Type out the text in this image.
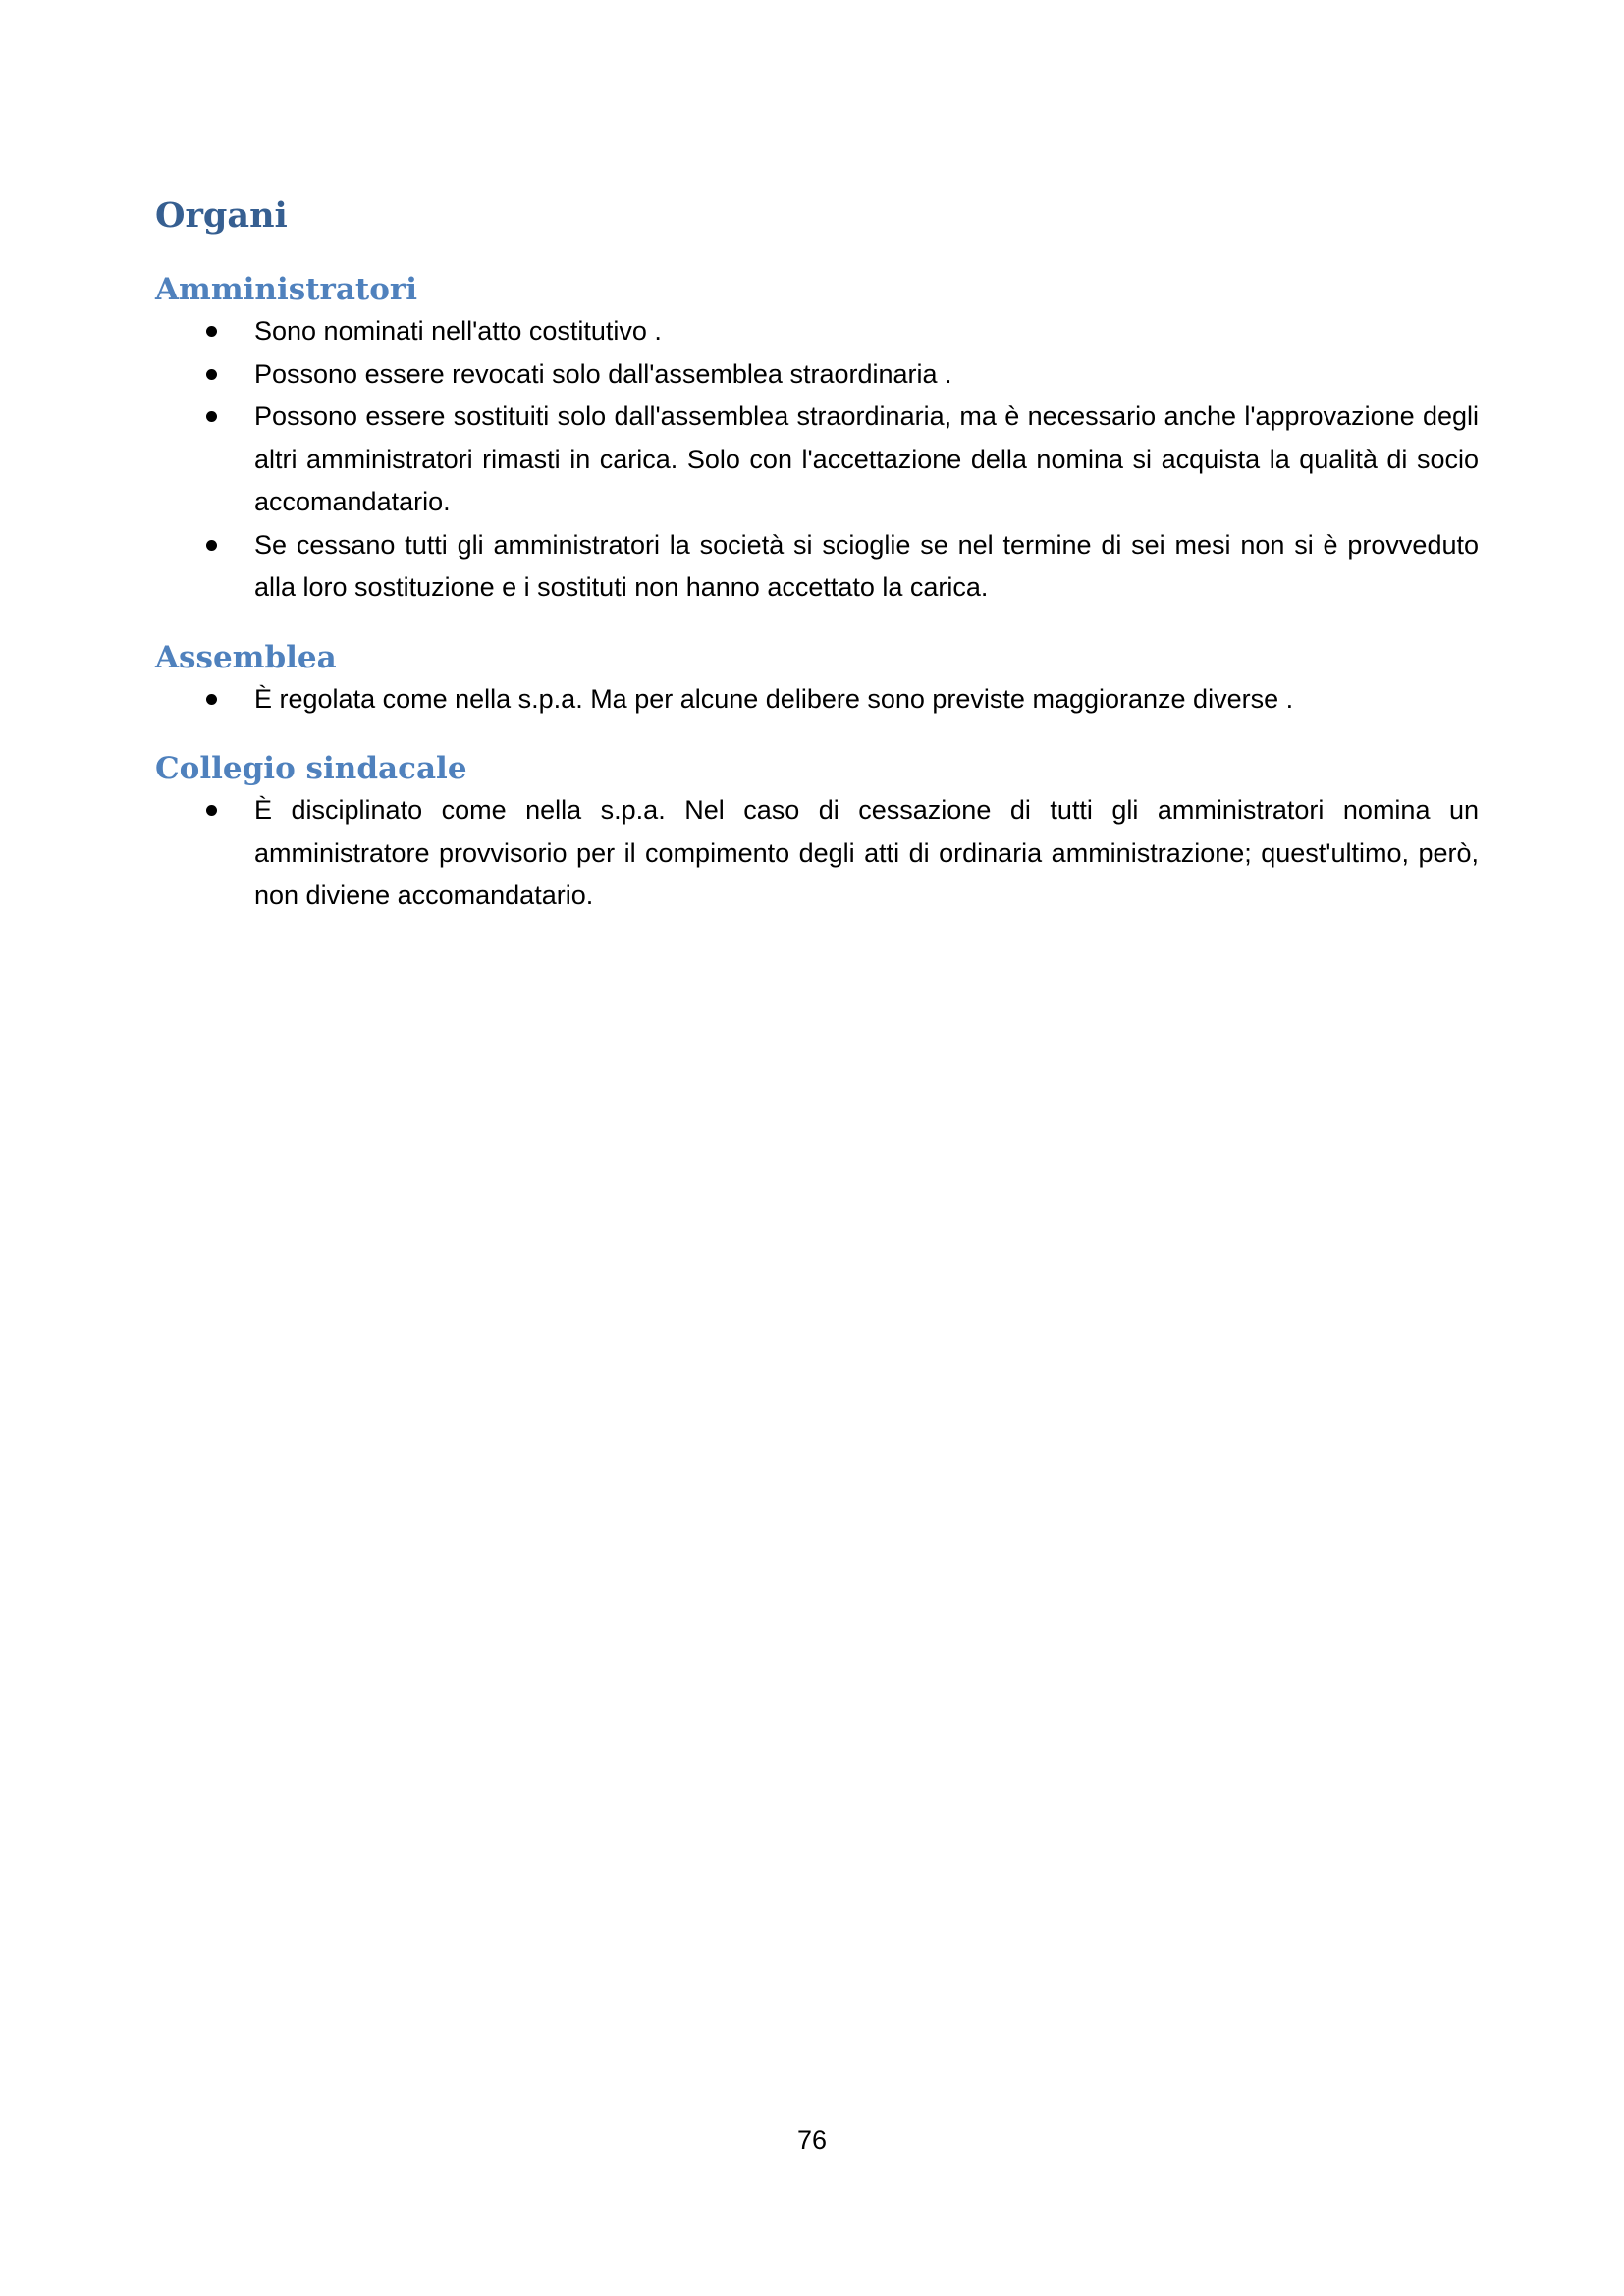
Organi
Amministratori
Sono nominati nell'atto costitutivo .
Possono essere revocati solo dall'assemblea straordinaria .
Possono essere sostituiti solo dall'assemblea straordinaria, ma è necessario anche l'approvazione degli altri amministratori rimasti in carica. Solo con l'accettazione della nomina si acquista la qualità di socio accomandatario.
Se cessano tutti gli amministratori la società si scioglie se nel termine di sei mesi non si è provveduto alla loro sostituzione e i sostituti non hanno accettato la carica.
Assemblea
È regolata come nella s.p.a. Ma per alcune delibere sono previste maggioranze diverse .
Collegio sindacale
È disciplinato come nella s.p.a. Nel caso di cessazione di tutti gli amministratori nomina un amministratore provvisorio per il compimento degli atti di ordinaria amministrazione; quest'ultimo, però, non diviene accomandatario.
76
